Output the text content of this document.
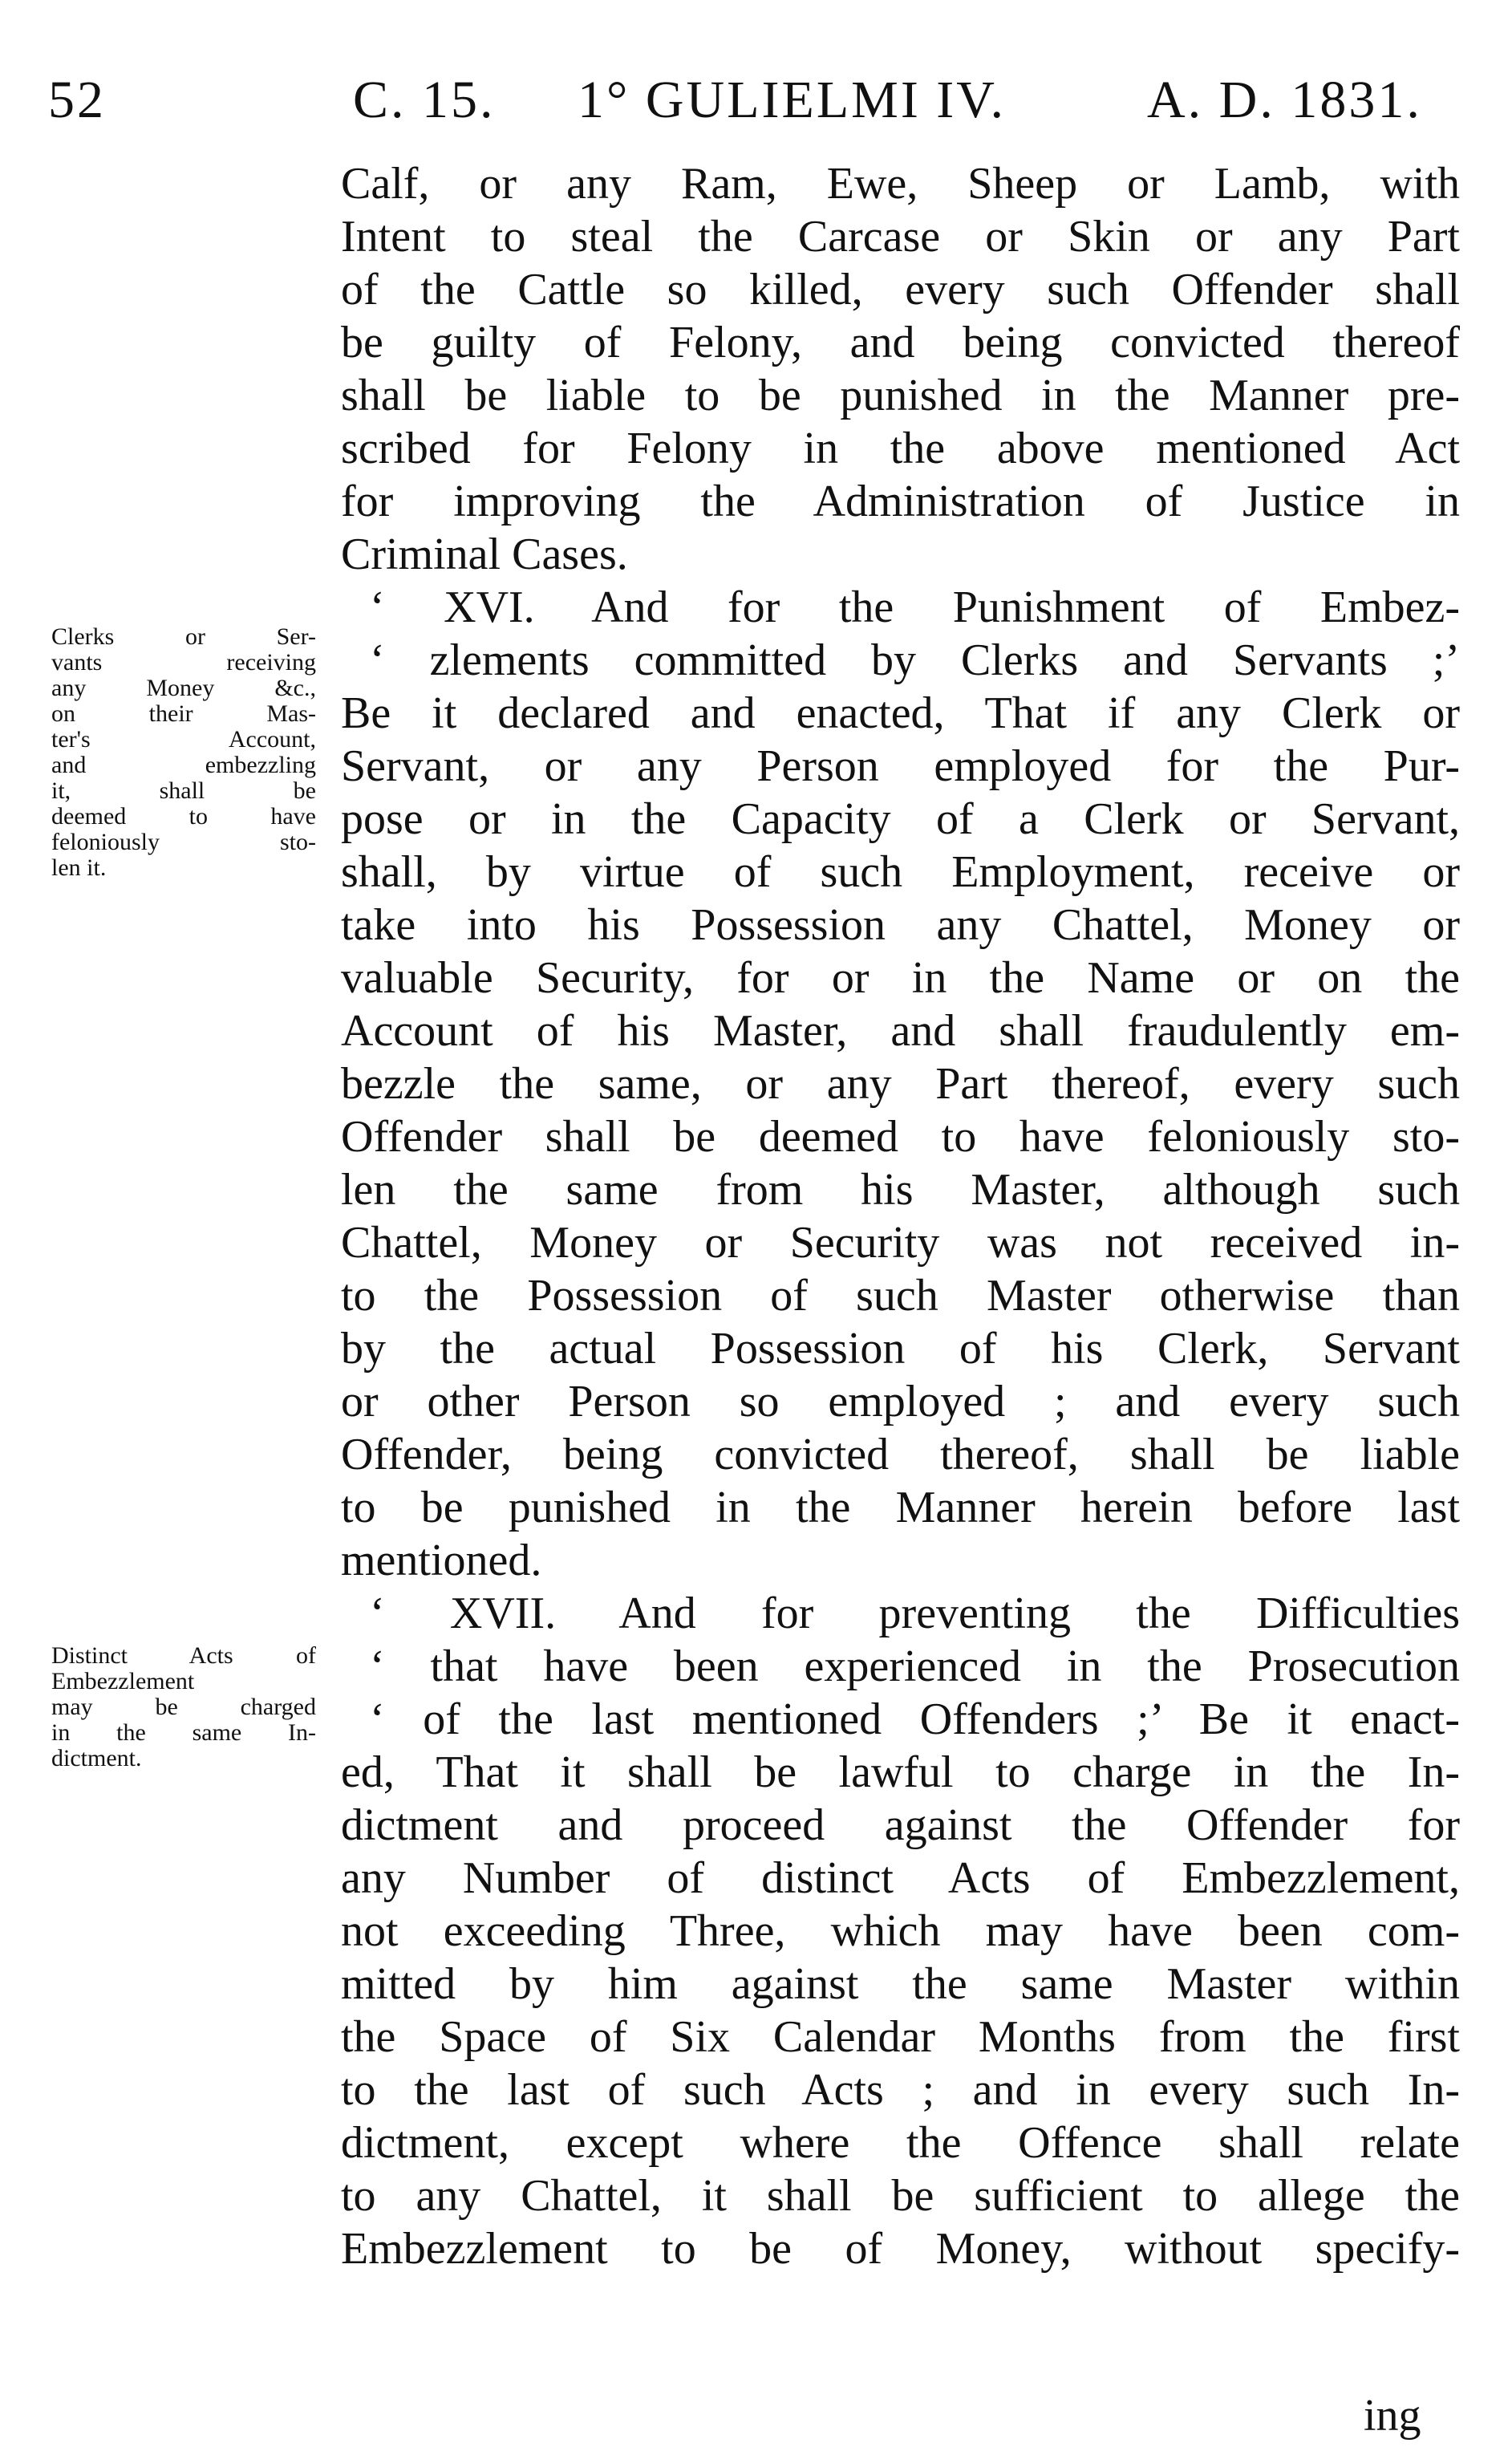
52	C. 15. 1° GULIELMI IV.	A. D. 1831.
Clerks or Ser-
vants receiving
any Money &c.,
on their Mas-
ter's Account,
and embezzling
it, shall be
deemed to have
feloniously sto-
len it.
Distinct Acts of
Embezzlement
may be charged
in the same In-
dictment.
Calf, or any Ram, Ewe, Sheep or Lamb, with
Intent to steal the Carcase or Skin or any Part
of the Cattle so killed, every such Offender shall
be guilty of Felony, and being convicted thereof
shall be liable to be punished in the Manner pre-
scribed for Felony in the above mentioned Act
for improving the Administration of Justice in
Criminal Cases.
‘ XVI. And for the Punishment of Embez-
‘ zlements committed by Clerks and Servants ;’
Be it declared and enacted, That if any Clerk or
Servant, or any Person employed for the Pur-
pose or in the Capacity of a Clerk or Servant,
shall, by virtue of such Employment, receive or
take into his Possession any Chattel, Money or
valuable Security, for or in the Name or on the
Account of his Master, and shall fraudulently em-
bezzle the same, or any Part thereof, every such
Offender shall be deemed to have feloniously sto-
len the same from his Master, although such
Chattel, Money or Security was not received in-
to the Possession of such Master otherwise than
by the actual Possession of his Clerk, Servant
or other Person so employed ; and every such
Offender, being convicted thereof, shall be liable
to be punished in the Manner herein before last
mentioned.
‘ XVII. And for preventing the Difficulties
‘ that have been experienced in the Prosecution
‘ of the last mentioned Offenders ;’ Be it enact-
ed, That it shall be lawful to charge in the In-
dictment and proceed against the Offender for
any Number of distinct Acts of Embezzlement,
not exceeding Three, which may have been com-
mitted by him against the same Master within
the Space of Six Calendar Months from the first
to the last of such Acts ; and in every such In-
dictment, except where the Offence shall relate
to any Chattel, it shall be sufficient to allege the
Embezzlement to be of Money, without specify-
ing
